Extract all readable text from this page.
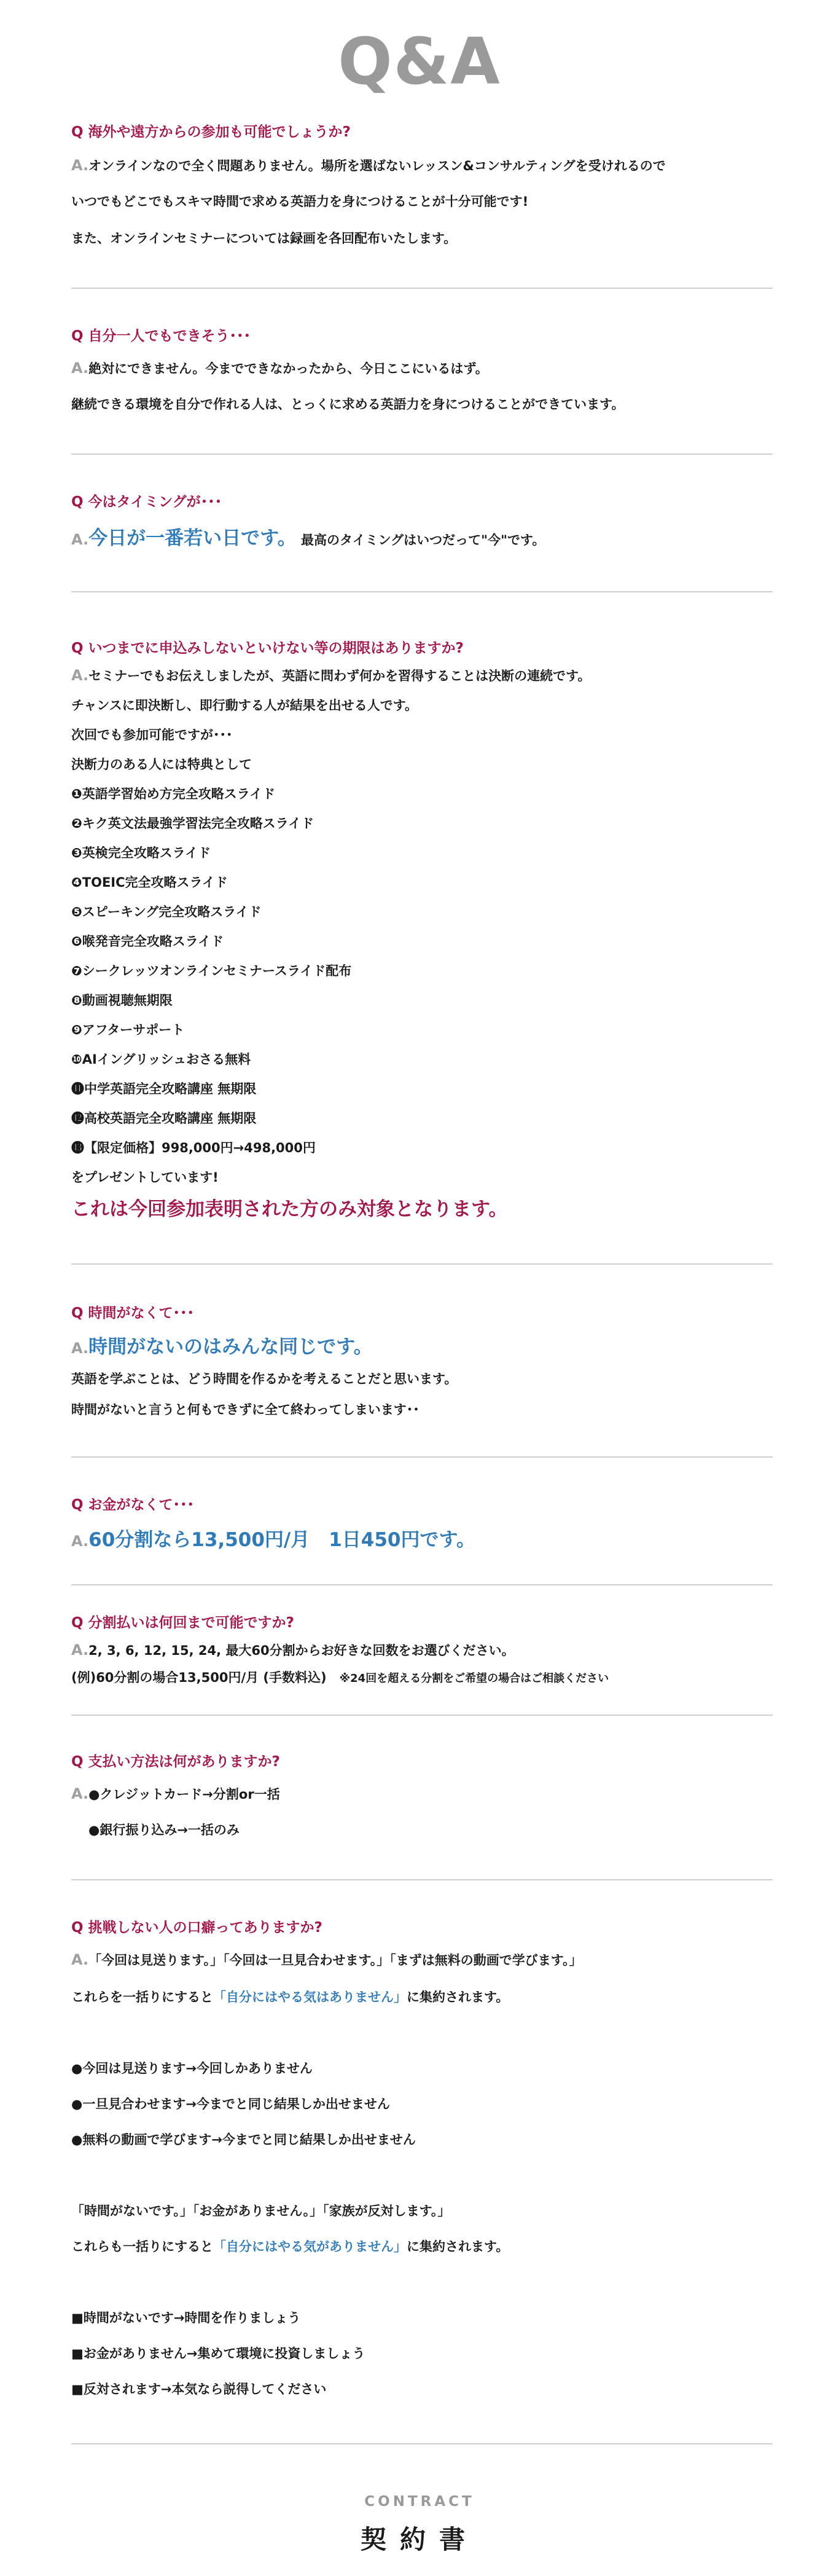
Q&A
Q 海外や遠方からの参加も可能でしょうか?
A.オンラインなので全く問題ありません。場所を選ばないレッスン&コンサルティングを受けれるので
いつでもどこでもスキマ時間で求める英語力を身につけることが十分可能です!
また、オンラインセミナーについては録画を各回配布いたします。
Q 自分一人でもできそう･･･
A.絶対にできません。今までできなかったから、今日ここにいるはず。
継続できる環境を自分で作れる人は、とっくに求める英語力を身につけることができています。
Q 今はタイミングが･･･
A.今日が一番若い日です。 最高のタイミングはいつだって"今"です。
Q いつまでに申込みしないといけない等の期限はありますか?
A.セミナーでもお伝えしましたが、英語に問わず何かを習得することは決断の連続です。
チャンスに即決断し、即行動する人が結果を出せる人です。
次回でも参加可能ですが･･･
決断力のある人には特典として
❶英語学習始め方完全攻略スライド
❷キク英文法最強学習法完全攻略スライド
❸英検完全攻略スライド
❹TOEIC完全攻略スライド
❺スピーキング完全攻略スライド
❻喉発音完全攻略スライド
❼シークレッツオンラインセミナースライド配布
❽動画視聴無期限
❾アフターサポート
❿AIイングリッシュおさる無料
⓫中学英語完全攻略講座 無期限
⓬高校英語完全攻略講座 無期限
⓭【限定価格】998,000円→498,000円
をプレゼントしています!
これは今回参加表明された方のみ対象となります。
Q 時間がなくて･･･
A.時間がないのはみんな同じです。
英語を学ぶことは、どう時間を作るかを考えることだと思います。
時間がないと言うと何もできずに全て終わってしまいます･･
Q お金がなくて･･･
A.60分割なら13,500円/月　1日450円です。
Q 分割払いは何回まで可能ですか?
A.2, 3, 6, 12, 15, 24, 最大60分割からお好きな回数をお選びください。
(例)60分割の場合13,500円/月 (手数料込)　 ※24回を超える分割をご希望の場合はご相談ください
Q 支払い方法は何がありますか?
A.●クレジットカード→分割or一括
●銀行振り込み→一括のみ
Q 挑戦しない人の口癖ってありますか?
A.「今回は見送ります。」「今回は一旦見合わせます。」「まずは無料の動画で学びます。」
これらを一括りにすると「自分にはやる気はありません」に集約されます。
●今回は見送ります→今回しかありません
●一旦見合わせます→今までと同じ結果しか出せません
●無料の動画で学びます→今までと同じ結果しか出せません
「時間がないです。」「お金がありません。」「家族が反対します。」
これらも一括りにすると「自分にはやる気がありません」に集約されます。
■時間がないです→時間を作りましょう
■お金がありません→集めて環境に投資しましょう
■反対されます→本気なら説得してください
CONTRACT
契約書
